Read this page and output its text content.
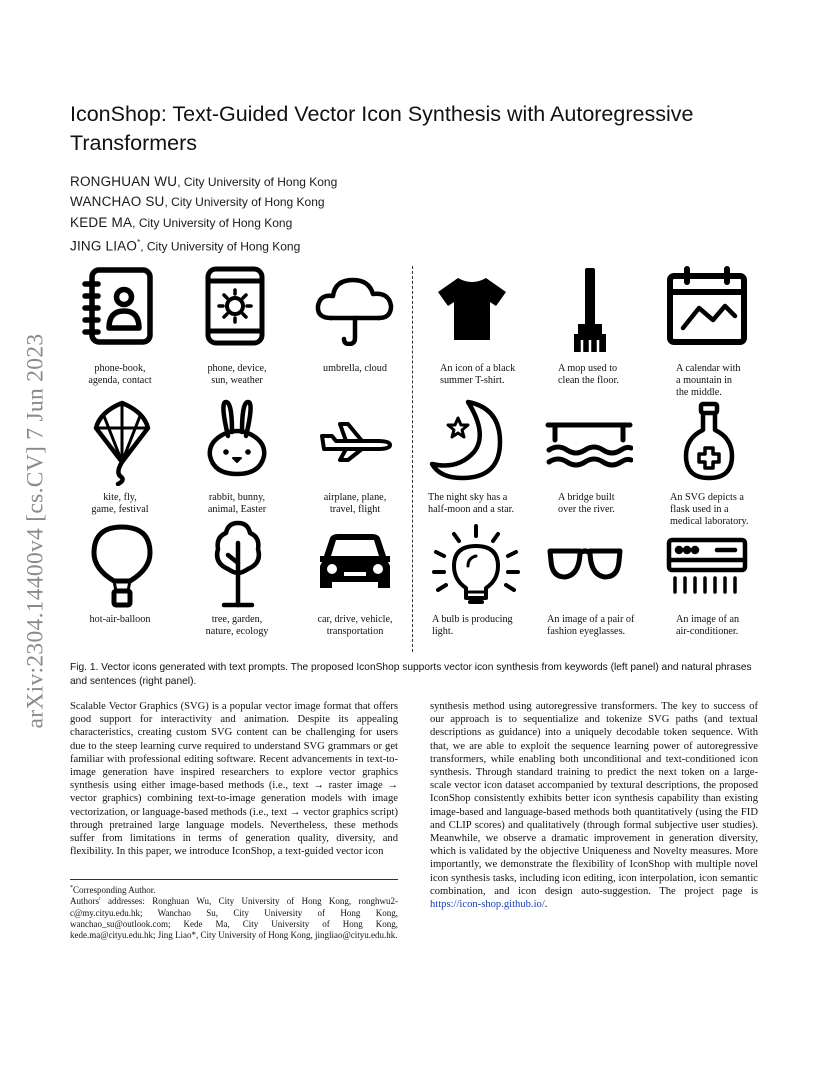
arXiv:2304.14400v4 [cs.CV] 7 Jun 2023
IconShop: Text-Guided Vector Icon Synthesis with Autoregressive Transformers
RONGHUAN WU, City University of Hong Kong
WANCHAO SU, City University of Hong Kong
KEDE MA, City University of Hong Kong
JING LIAO*, City University of Hong Kong
phone-book,
agenda, contact
phone, device,
sun, weather
umbrella, cloud	An icon of a black
summer T-shirt.
A mop used to
clean the floor.
A calendar with
a mountain in
the middle.
kite, fly,
game, festival
rabbit, bunny,
animal, Easter
airplane, plane,
travel, flight
The night sky has a
half-moon and a star.
A bridge built
over the river.
An SVG depicts a
flask used in a
medical laboratory.
hot-air-balloon	tree, garden,
nature, ecology
car, drive, vehicle,
transportation
A bulb is producing
light.
An image of a pair of
fashion eyeglasses.
An image of an
air-conditioner.
Fig. 1. Vector icons generated with text prompts. The proposed IconShop supports vector icon synthesis from keywords (left panel) and natural phrases and sentences (right panel).
Scalable Vector Graphics (SVG) is a popular vector image format that offers good support for interactivity and animation. Despite its appealing characteristics, creating custom SVG content can be challenging for users due to the steep learning curve required to understand SVG grammars or get familiar with professional editing software. Recent advancements in text-to-image generation have inspired researchers to explore vector graphics synthesis using either image-based methods (i.e., text → raster image → vector graphics) combining text-to-image generation models with image vectorization, or language-based methods (i.e., text → vector graphics script) through pretrained large language models. Nevertheless, these methods suffer from limitations in terms of generation quality, diversity, and flexibility. In this paper, we introduce IconShop, a text-guided vector icon
synthesis method using autoregressive transformers. The key to success of our approach is to sequentialize and tokenize SVG paths (and textual descriptions as guidance) into a uniquely decodable token sequence. With that, we are able to exploit the sequence learning power of autoregressive transformers, while enabling both unconditional and text-conditioned icon synthesis. Through standard training to predict the next token on a large-scale vector icon dataset accompanied by textural descriptions, the proposed IconShop consistently exhibits better icon synthesis capability than existing image-based and language-based methods both quantitatively (using the FID and CLIP scores) and qualitatively (through formal subjective user studies). Meanwhile, we observe a dramatic improvement in generation diversity, which is validated by the objective Uniqueness and Novelty measures. More importantly, we demonstrate the flexibility of IconShop with multiple novel icon synthesis tasks, including icon editing, icon interpolation, icon semantic combination, and icon design auto-suggestion. The project page is https://icon-shop.github.io/.
*Corresponding Author.
Authors' addresses: Ronghuan Wu, City University of Hong Kong, ronghwu2-c@my.cityu.edu.hk; Wanchao Su, City University of Hong Kong, wanchao_su@outlook.com; Kede Ma, City University of Hong Kong, kede.ma@cityu.edu.hk; Jing Liao*, City University of Hong Kong, jingliao@cityu.edu.hk.
